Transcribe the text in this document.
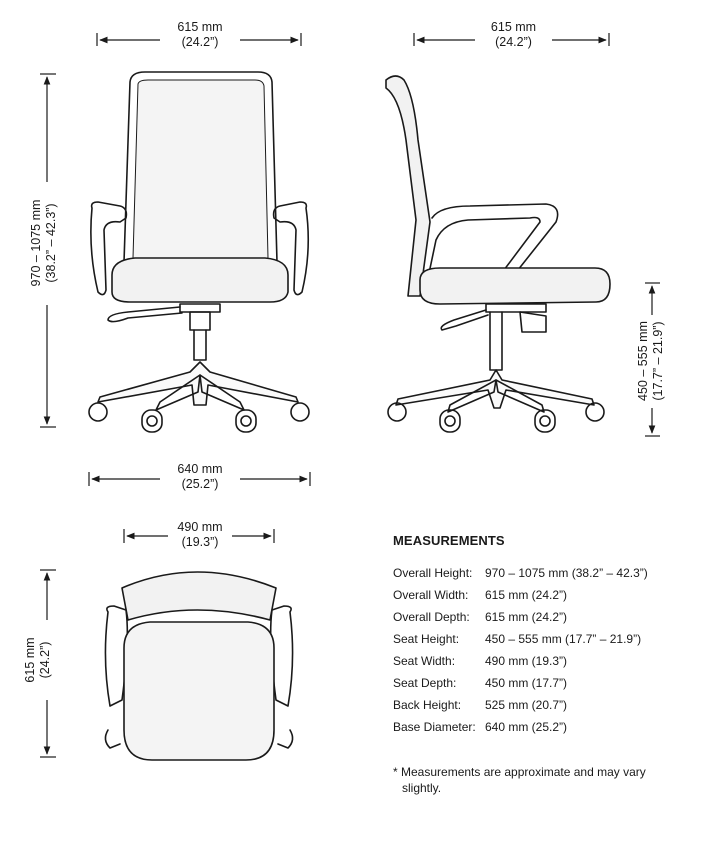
615 mm
(24.2”)
615 mm
(24.2”)
970 – 1075 mm (38.2” – 42.3”)
450 – 555 mm (17.7” – 21.9”)
640 mm
(25.2”)
490 mm
(19.3”)
615 mm (24.2”)
MEASUREMENTS
Overall Height:	970 – 1075 mm (38.2” – 42.3”)
Overall Width:	615 mm (24.2”)
Overall Depth:	615 mm (24.2”)
Seat Height:	450 – 555 mm (17.7” – 21.9”)
Seat Width:	490 mm (19.3”)
Seat Depth:	450 mm (17.7”)
Back Height:	525 mm (20.7”)
Base Diameter: 640 mm (25.2”)
* Measurements are approximate and may vary
slightly.
